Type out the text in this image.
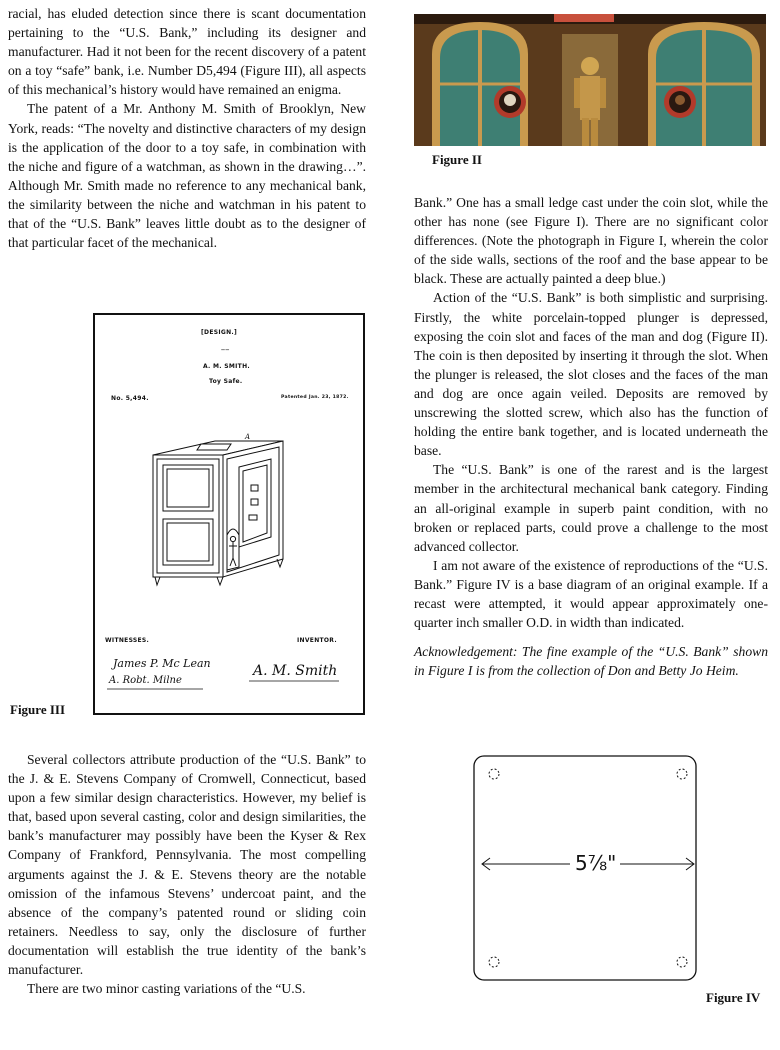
racial, has eluded detection since there is scant documentation pertaining to the “U.S. Bank,” including its designer and manufacturer. Had it not been for the recent discovery of a patent on a toy “safe” bank, i.e. Number D5,494 (Figure III), all aspects of this mechanical’s history would have remained an enigma.

The patent of a Mr. Anthony M. Smith of Brooklyn, New York, reads: “The novelty and distinctive characters of my design is the application of the door to a toy safe, in combination with the niche and figure of a watchman, as shown in the drawing…”. Although Mr. Smith made no reference to any mechanical bank, the similarity between the niche and watchman in his patent to that of the “U.S. Bank” leaves little doubt as to the designer of that particular facet of the mechanical.

[DESIGN.]
——
A. M. SMITH.
Toy Safe.
No. 5,494.	Patented Jan. 23, 1872.
A
WITNESSES.	INVENTOR.
James P. Mc Lean
A. Robt. Milne
A. M. Smith
Figure III

Several collectors attribute production of the “U.S. Bank” to the J. & E. Stevens Company of Cromwell, Connecticut, based upon a few similar design characteristics. However, my belief is that, based upon several casting, color and design similarities, the bank’s manufacturer may possibly have been the Kyser & Rex Company of Frankford, Pennsylvania. The most compelling arguments against the J. & E. Stevens theory are the notable omission of the infamous Stevens’ undercoat paint, and the absence of the company’s patented round or sliding coin retainers. Needless to say, only the disclosure of further documentation will establish the true identity of the bank’s manufacturer.

There are two minor casting variations of the “U.S.

Figure II

Bank.” One has a small ledge cast under the coin slot, while the other has none (see Figure I). There are no significant color differences. (Note the photograph in Figure I, wherein the color of the side walls, sections of the roof and the base appear to be black. These are actually painted a deep blue.)

Action of the “U.S. Bank” is both simplistic and surprising. Firstly, the white porcelain-topped plunger is depressed, exposing the coin slot and faces of the man and dog (Figure II). The coin is then deposited by inserting it through the slot. When the plunger is released, the slot closes and the faces of the man and dog are once again veiled. Deposits are removed by unscrewing the slotted screw, which also has the function of holding the entire bank together, and is located underneath the base.

The “U.S. Bank” is one of the rarest and is the largest member in the architectural mechanical bank category. Finding an all-original example in superb paint condition, with no broken or replaced parts, could prove a challenge to the most advanced collector.

I am not aware of the existence of reproductions of the “U.S. Bank.” Figure IV is a base diagram of an original example. If a recast were attempted, it would appear approximately one-quarter inch smaller O.D. in width than indicated.

Acknowledgement: The fine example of the “U.S. Bank” shown in Figure I is from the collection of Don and Betty Jo Heim.

5⅞"
Figure IV
